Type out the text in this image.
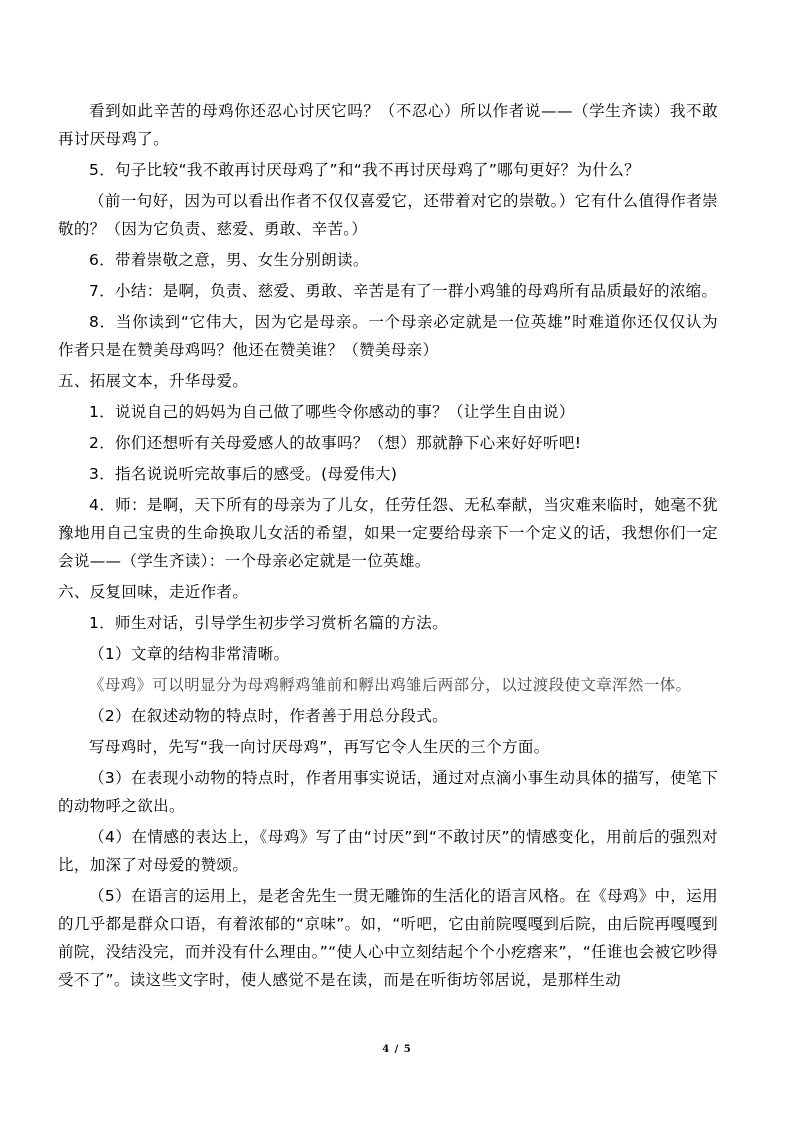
看到如此辛苦的母鸡你还忍心讨厌它吗？（不忍心）所以作者说——（学生齐读）我不敢再讨厌母鸡了。

5．句子比较“我不敢再讨厌母鸡了”和“我不再讨厌母鸡了”哪句更好？为什么？

（前一句好，因为可以看出作者不仅仅喜爱它，还带着对它的崇敬。）它有什么值得作者崇敬的？（因为它负责、慈爱、勇敢、辛苦。）

6．带着崇敬之意，男、女生分别朗读。

7．小结：是啊，负责、慈爱、勇敢、辛苦是有了一群小鸡雏的母鸡所有品质最好的浓缩。

8．当你读到“它伟大，因为它是母亲。一个母亲必定就是一位英雄”时难道你还仅仅认为作者只是在赞美母鸡吗？他还在赞美谁？（赞美母亲）

五、拓展文本，升华母爱。

1．说说自己的妈妈为自己做了哪些令你感动的事？（让学生自由说）

2．你们还想听有关母爱感人的故事吗？（想）那就静下心来好好听吧!

3．指名说说听完故事后的感受。(母爱伟大)

4．师：是啊，天下所有的母亲为了儿女，任劳任怨、无私奉献，当灾难来临时，她毫不犹豫地用自己宝贵的生命换取儿女活的希望，如果一定要给母亲下一个定义的话，我想你们一定会说——（学生齐读）：一个母亲必定就是一位英雄。

六、反复回味，走近作者。

1．师生对话，引导学生初步学习赏析名篇的方法。

（1）文章的结构非常清晰。

《母鸡》可以明显分为母鸡孵鸡雏前和孵出鸡雏后两部分，以过渡段使文章浑然一体。

（2）在叙述动物的特点时，作者善于用总分段式。

写母鸡时，先写“我一向讨厌母鸡”，再写它令人生厌的三个方面。

（3）在表现小动物的特点时，作者用事实说话，通过对点滴小事生动具体的描写，使笔下的动物呼之欲出。

（4）在情感的表达上，《母鸡》写了由“讨厌”到“不敢讨厌”的情感变化，用前后的强烈对比，加深了对母爱的赞颂。

（5）在语言的运用上，是老舍先生一贯无雕饰的生活化的语言风格。在《母鸡》中，运用的几乎都是群众口语，有着浓郁的“京味”。如，“听吧，它由前院嘎嘎到后院，由后院再嘎嘎到前院，没结没完，而并没有什么理由。”“使人心中立刻结起个个小疙瘩来”，“任谁也会被它吵得受不了”。读这些文字时，使人感觉不是在读，而是在听街坊邻居说，是那样生动

4 / 5
